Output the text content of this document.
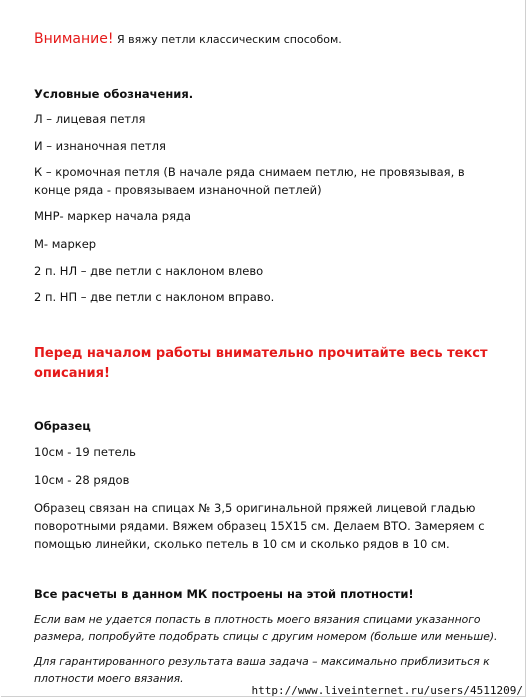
Внимание! Я вяжу петли классическим способом.
Условные обозначения.
Л – лицевая петля
И – изнаночная петля
К – кромочная петля (В начале ряда снимаем петлю, не провязывая, в конце ряда - провязываем изнаночной петлей)
МНР- маркер начала ряда
М- маркер
2 п. НЛ – две петли с наклоном влево
2 п. НП – две петли с наклоном вправо.
Перед началом работы внимательно прочитайте весь текст описания!
Образец
10см - 19 петель
10см - 28 рядов
Образец связан на спицах № 3,5 оригинальной пряжей лицевой гладью поворотными рядами. Вяжем образец 15Х15 см. Делаем ВТО. Замеряем с помощью линейки, сколько петель в 10 см и сколько рядов в 10 см.
Все расчеты в данном МК построены на этой плотности!
Если вам не удается попасть в плотность моего вязания спицами указанного размера, попробуйте подобрать спицы с другим номером (больше или меньше).
Для гарантированного результата ваша задача – максимально приблизиться к плотности моего вязания.
http://www.liveinternet.ru/users/4511209/
